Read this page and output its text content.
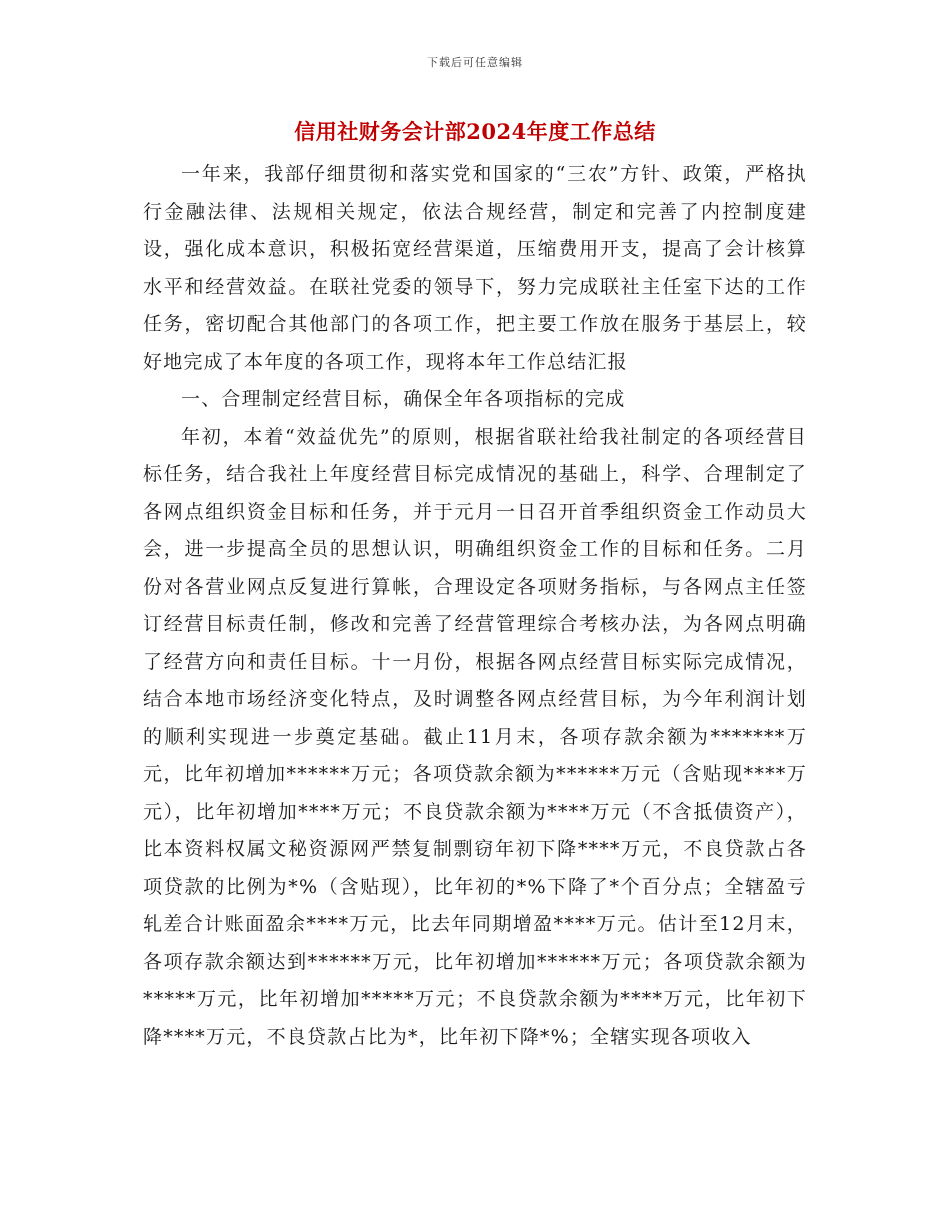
下载后可任意编辑
信用社财务会计部2024年度工作总结

一年来，我部仔细贯彻和落实党和国家的“三农”方针、政策，严格执行金融法律、法规相关规定，依法合规经营，制定和完善了内控制度建设，强化成本意识，积极拓宽经营渠道，压缩费用开支，提高了会计核算水平和经营效益。在联社党委的领导下，努力完成联社主任室下达的工作任务，密切配合其他部门的各项工作，把主要工作放在服务于基层上，较好地完成了本年度的各项工作，现将本年工作总结汇报

一、合理制定经营目标，确保全年各项指标的完成

年初，本着“效益优先”的原则，根据省联社给我社制定的各项经营目标任务，结合我社上年度经营目标完成情况的基础上，科学、合理制定了各网点组织资金目标和任务，并于元月一日召开首季组织资金工作动员大会，进一步提高全员的思想认识，明确组织资金工作的目标和任务。二月份对各营业网点反复进行算帐，合理设定各项财务指标，与各网点主任签订经营目标责任制，修改和完善了经营管理综合考核办法，为各网点明确了经营方向和责任目标。十一月份，根据各网点经营目标实际完成情况，结合本地市场经济变化特点，及时调整各网点经营目标，为今年利润计划的顺利实现进一步奠定基础。截止11月末，各项存款余额为*******万元，比年初增加******万元；各项贷款余额为******万元（含贴现****万元），比年初增加****万元；不良贷款余额为****万元（不含抵债资产），比本资料权属文秘资源网严禁复制剽窃年初下降****万元，不良贷款占各项贷款的比例为*%（含贴现），比年初的*%下降了*个百分点；全辖盈亏轧差合计账面盈余****万元，比去年同期增盈****万元。估计至12月末，各项存款余额达到******万元，比年初增加******万元；各项贷款余额为*****万元，比年初增加*****万元；不良贷款余额为****万元，比年初下降****万元，不良贷款占比为*，比年初下降*%；全辖实现各项收入
